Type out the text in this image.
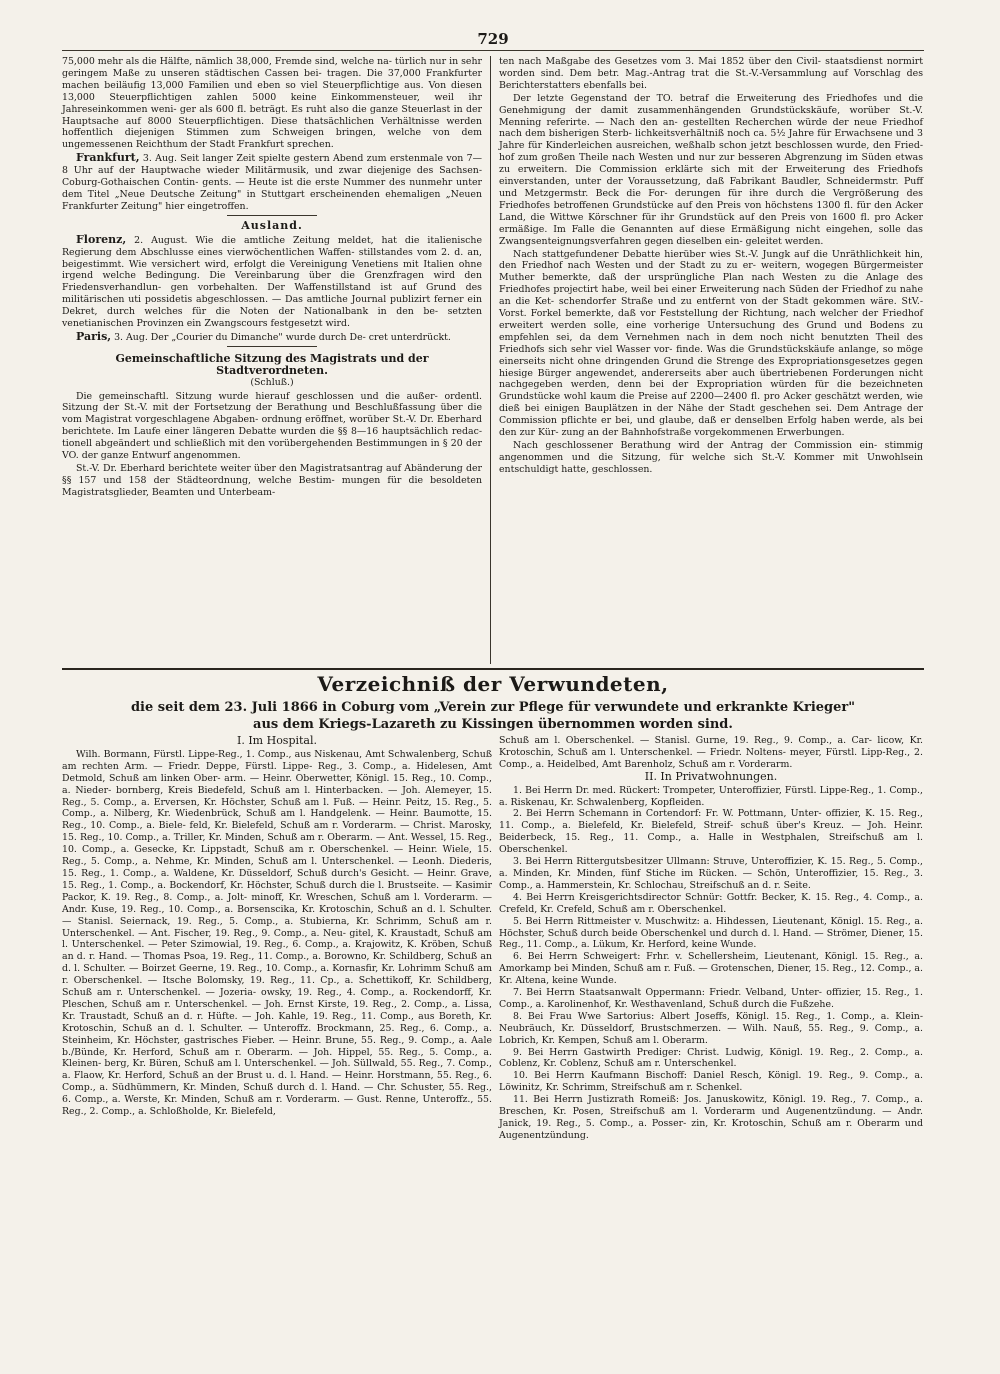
729

75,000 mehr als die Hälfte, nämlich 38,000, Fremde sind, welche na- türlich nur in sehr geringem Maße zu unseren städtischen Cassen bei- tragen. Die 37,000 Frankfurter machen beiläufig 13,000 Familien und eben so viel Steuerpflichtige aus. Von diesen 13,000 Steuerpflichtigen zahlen 5000 keine Einkommensteuer, weil ihr Jahreseinkommen weni- ger als 600 fl. beträgt. Es ruht also die ganze Steuerlast in der Hauptsache auf 8000 Steuerpflichtigen. Diese thatsächlichen Verhältnisse werden hoffentlich diejenigen Stimmen zum Schweigen bringen, welche von dem ungemessenen Reichthum der Stadt Frankfurt sprechen.

Frankfurt, 3. Aug. Seit langer Zeit spielte gestern Abend zum erstenmale von 7—8 Uhr auf der Hauptwache wieder Militärmusik, und zwar diejenige des Sachsen-Coburg-Gothaischen Contin- gents. — Heute ist die erste Nummer des nunmehr unter dem Titel „Neue Deutsche Zeitung" in Stuttgart erscheinenden ehemaligen „Neuen Frankfurter Zeitung" hier eingetroffen.

Ausland.

Florenz, 2. August. Wie die amtliche Zeitung meldet, hat die italienische Regierung dem Abschlusse eines vierwöchentlichen Waffen- stillstandes vom 2. d. an, beigestimmt. Wie versichert wird, erfolgt die Vereinigung Venetiens mit Italien ohne irgend welche Bedingung. Die Vereinbarung über die Grenzfragen wird den Friedensverhandlun- gen vorbehalten. Der Waffenstillstand ist auf Grund des militärischen uti possidetis abgeschlossen. — Das amtliche Journal publizirt ferner ein Dekret, durch welches für die Noten der Nationalbank in den be- setzten venetianischen Provinzen ein Zwangscours festgesetzt wird.

Paris, 3. Aug. Der „Courier du Dimanche" wurde durch De- cret unterdrückt.

Gemeinschaftliche Sitzung des Magistrats und der Stadtverordneten.
(Schluß.)

Die gemeinschaftl. Sitzung wurde hierauf geschlossen und die außer- ordentl. Sitzung der St.-V. mit der Fortsetzung der Berathung und Beschlußfassung über die vom Magistrat vorgeschlagene Abgaben- ordnung eröffnet, worüber St.-V. Dr. Eberhard berichtete. Im Laufe einer längeren Debatte wurden die §§ 8—16 hauptsächlich redac- tionell abgeändert und schließlich mit den vorübergehenden Bestimmungen in § 20 der VO. der ganze Entwurf angenommen.

St.-V. Dr. Eberhard berichtete weiter über den Magistratsantrag auf Abänderung der §§ 157 und 158 der Städteordnung, welche Bestim- mungen für die besoldeten Magistratsglieder, Beamten und Unterbeam-

ten nach Maßgabe des Gesetzes vom 3. Mai 1852 über den Civil- staatsdienst normirt worden sind. Dem betr. Mag.-Antrag trat die St.-V.-Versammlung auf Vorschlag des Berichterstatters ebenfalls bei.

Der letzte Gegenstand der TO. betraf die Erweiterung des Friedhofes und die Genehmigung der damit zusammenhängenden Grundstückskäufe, worüber St.-V. Menning referirte. — Nach den an- gestellten Recherchen würde der neue Friedhof nach dem bisherigen Sterb- lichkeitsverhältniß noch ca. 5½ Jahre für Erwachsene und 3 Jahre für Kinderleichen ausreichen, weßhalb schon jetzt beschlossen wurde, den Fried- hof zum großen Theile nach Westen und nur zur besseren Abgrenzung im Süden etwas zu erweitern. Die Commission erklärte sich mit der Erweiterung des Friedhofs einverstanden, unter der Voraussetzung, daß Fabrikant Baudler, Schneidermstr. Puff und Metzgermstr. Beck die For- derungen für ihre durch die Vergrößerung des Friedhofes betroffenen Grundstücke auf den Preis von höchstens 1300 fl. für den Acker Land, die Wittwe Körschner für ihr Grundstück auf den Preis von 1600 fl. pro Acker ermäßige. Im Falle die Genannten auf diese Ermäßigung nicht eingehen, solle das Zwangsenteignungsverfahren gegen dieselben ein- geleitet werden.

Nach stattgefundener Debatte hierüber wies St.-V. Jungk auf die Unräthlichkeit hin, den Friedhof nach Westen und der Stadt zu zu er- weitern, wogegen Bürgermeister Muther bemerkte, daß der ursprüngliche Plan nach Westen zu die Anlage des Friedhofes projectirt habe, weil bei einer Erweiterung nach Süden der Friedhof zu nahe an die Ket- schendorfer Straße und zu entfernt von der Stadt gekommen wäre. StV.-Vorst. Forkel bemerkte, daß vor Feststellung der Richtung, nach welcher der Friedhof erweitert werden solle, eine vorherige Untersuchung des Grund und Bodens zu empfehlen sei, da dem Vernehmen nach in dem noch nicht benutzten Theil des Friedhofs sich sehr viel Wasser vor- finde. Was die Grundstückskäufe anlange, so möge einerseits nicht ohne dringenden Grund die Strenge des Expropriationsgesetzes gegen hiesige Bürger angewendet, andererseits aber auch übertriebenen Forderungen nicht nachgegeben werden, denn bei der Expropriation würden für die bezeichneten Grundstücke wohl kaum die Preise auf 2200—2400 fl. pro Acker geschätzt werden, wie dieß bei einigen Bauplätzen in der Nähe der Stadt geschehen sei. Dem Antrage der Commission pflichte er bei, und glaube, daß er denselben Erfolg haben werde, als bei den zur Kür- zung an der Bahnhofstraße vorgekommenen Erwerbungen.

Nach geschlossener Berathung wird der Antrag der Commission ein- stimmig angenommen und die Sitzung, für welche sich St.-V. Kommer mit Unwohlsein entschuldigt hatte, geschlossen.

Verzeichniß der Verwundeten,
die seit dem 23. Juli 1866 in Coburg vom „Verein zur Pflege für verwundete und erkrankte Krieger"
aus dem Kriegs-Lazareth zu Kissingen übernommen worden sind.
I. Im Hospital.

Wilh. Bormann, Fürstl. Lippe-Reg., 1. Comp., aus Niskenau, Amt Schwalenberg, Schuß am rechten Arm. — Friedr. Deppe, Fürstl. Lippe- Reg., 3. Comp., a. Hidelesen, Amt Detmold, Schuß am linken Ober- arm. — Heinr. Oberwetter, Königl. 15. Reg., 10. Comp., a. Nieder- bornberg, Kreis Biedefeld, Schuß am l. Hinterbacken. — Joh. Alemeyer, 15. Reg., 5. Comp., a. Erversen, Kr. Höchster, Schuß am l. Fuß. — Heinr. Peitz, 15. Reg., 5. Comp., a. Nilberg, Kr. Wiedenbrück, Schuß am l. Handgelenk. — Heinr. Baumotte, 15. Reg., 10. Comp., a. Biele- feld, Kr. Bielefeld, Schuß am r. Vorderarm. — Christ. Marosky, 15. Reg., 10. Comp., a. Triller, Kr. Minden, Schuß am r. Oberarm. — Ant. Wessel, 15. Reg., 10. Comp., a. Gesecke, Kr. Lippstadt, Schuß am r. Oberschenkel. — Heinr. Wiele, 15. Reg., 5. Comp., a. Nehme, Kr. Minden, Schuß am l. Unterschenkel. — Leonh. Diederis, 15. Reg., 1. Comp., a. Waldene, Kr. Düsseldorf, Schuß durch's Gesicht. — Heinr. Grave, 15. Reg., 1. Comp., a. Bockendorf, Kr. Höchster, Schuß durch die l. Brustseite. — Kasimir Packor, K. 19. Reg., 8. Comp., a. Jolt- minoff, Kr. Wreschen, Schuß am l. Vorderarm. — Andr. Kuse, 19. Reg., 10. Comp., a. Borsenscika, Kr. Krotoschin, Schuß an d. l. Schulter. — Stanisl. Seiernack, 19. Reg., 5. Comp., a. Stubierna, Kr. Schrimm, Schuß am r. Unterschenkel. — Ant. Fischer, 19. Reg., 9. Comp., a. Neu- gitel, K. Kraustadt, Schuß am l. Unterschenkel. — Peter Szimowial, 19. Reg., 6. Comp., a. Krajowitz, K. Kröben, Schuß an d. r. Hand. — Thomas Psoa, 19. Reg., 11. Comp., a. Borowno, Kr. Schildberg, Schuß an d. l. Schulter. — Boirzet Geerne, 19. Reg., 10. Comp., a. Kornasfir, Kr. Lohrimm Schuß am r. Oberschenkel. — Itsche Bolomsky, 19. Reg., 11. Cp., a. Schettikoff, Kr. Schildberg, Schuß am r. Unterschenkel. — Jozeria- owsky, 19. Reg., 4. Comp., a. Rockendorff, Kr. Pleschen, Schuß am r. Unterschenkel. — Joh. Ernst Kirste, 19. Reg., 2. Comp., a. Lissa, Kr. Traustadt, Schuß an d. r. Hüfte. — Joh. Kahle, 19. Reg., 11. Comp., aus Boreth, Kr. Krotoschin, Schuß an d. l. Schulter. — Unteroffz. Brockmann, 25. Reg., 6. Comp., a. Steinheim, Kr. Höchster, gastrisches Fieber. — Heinr. Brune, 55. Reg., 9. Comp., a. Aale b./Bünde, Kr. Herford, Schuß am r. Oberarm. — Joh. Hippel, 55. Reg., 5. Comp., a. Kleinen- berg, Kr. Büren, Schuß am l. Unterschenkel. — Joh. Süllwald, 55. Reg., 7. Comp., a. Flaow, Kr. Herford, Schuß an der Brust u. d. l. Hand. — Heinr. Horstmann, 55. Reg., 6. Comp., a. Südhümmern, Kr. Minden, Schuß durch d. l. Hand. — Chr. Schuster, 55. Reg., 6. Comp., a. Werste, Kr. Minden, Schuß am r. Vorderarm. — Gust. Renne, Unteroffz., 55. Reg., 2. Comp., a. Schloßholde, Kr. Bielefeld,

Schuß am l. Oberschenkel. — Stanisl. Gurne, 19. Reg., 9. Comp., a. Car- licow, Kr. Krotoschin, Schuß am l. Unterschenkel. — Friedr. Noltens- meyer, Fürstl. Lipp-Reg., 2. Comp., a. Heidelbed, Amt Barenholz, Schuß am r. Vorderarm.

II. In Privatwohnungen.

1. Bei Herrn Dr. med. Rückert: Trompeter, Unteroffizier, Fürstl. Lippe-Reg., 1. Comp., a. Riskenau, Kr. Schwalenberg, Kopfleiden.

2. Bei Herrn Schemann in Cortendorf: Fr. W. Pottmann, Unter- offizier, K. 15. Reg., 11. Comp., a. Bielefeld, Kr. Bielefeld, Streif- schuß über's Kreuz. — Joh. Heinr. Beiderbeck, 15. Reg., 11. Comp., a. Halle in Westphalen, Streifschuß am l. Oberschenkel.

3. Bei Herrn Rittergutsbesitzer Ullmann: Struve, Unteroffizier, K. 15. Reg., 5. Comp., a. Minden, Kr. Minden, fünf Stiche im Rücken. — Schön, Unteroffizier, 15. Reg., 3. Comp., a. Hammerstein, Kr. Schlochau, Streifschuß an d. r. Seite.

4. Bei Herrn Kreisgerichtsdirector Schnür: Gottfr. Becker, K. 15. Reg., 4. Comp., a. Crefeld, Kr. Crefeld, Schuß am r. Oberschenkel.

5. Bei Herrn Rittmeister v. Muschwitz: a. Hihdessen, Lieutenant, Königl. 15. Reg., a. Höchster, Schuß durch beide Oberschenkel und durch d. l. Hand. — Strömer, Diener, 15. Reg., 11. Comp., a. Lükum, Kr. Herford, keine Wunde.

6. Bei Herrn Schweigert: Frhr. v. Schellersheim, Lieutenant, Königl. 15. Reg., a. Amorkamp bei Minden, Schuß am r. Fuß. — Grotenschen, Diener, 15. Reg., 12. Comp., a. Kr. Altena, keine Wunde.

7. Bei Herrn Staatsanwalt Oppermann: Friedr. Velband, Unter- offizier, 15. Reg., 1. Comp., a. Karolinenhof, Kr. Westhavenland, Schuß durch die Fußzehe.

8. Bei Frau Wwe Sartorius: Albert Joseffs, Königl. 15. Reg., 1. Comp., a. Klein-Neubräuch, Kr. Düsseldorf, Brustschmerzen. — Wilh. Nauß, 55. Reg., 9. Comp., a. Lobrich, Kr. Kempen, Schuß am l. Oberarm.

9. Bei Herrn Gastwirth Prediger: Christ. Ludwig, Königl. 19. Reg., 2. Comp., a. Coblenz, Kr. Coblenz, Schuß am r. Unterschenkel.

10. Bei Herrn Kaufmann Bischoff: Daniel Resch, Königl. 19. Reg., 9. Comp., a. Löwinitz, Kr. Schrimm, Streifschuß am r. Schenkel.

11. Bei Herrn Justizrath Romeiß: Jos. Januskowitz, Königl. 19. Reg., 7. Comp., a. Breschen, Kr. Posen, Streifschuß am l. Vorderarm und Augenentzündung. — Andr. Janick, 19. Reg., 5. Comp., a. Posser- zin, Kr. Krotoschin, Schuß am r. Oberarm und Augenentzündung.
